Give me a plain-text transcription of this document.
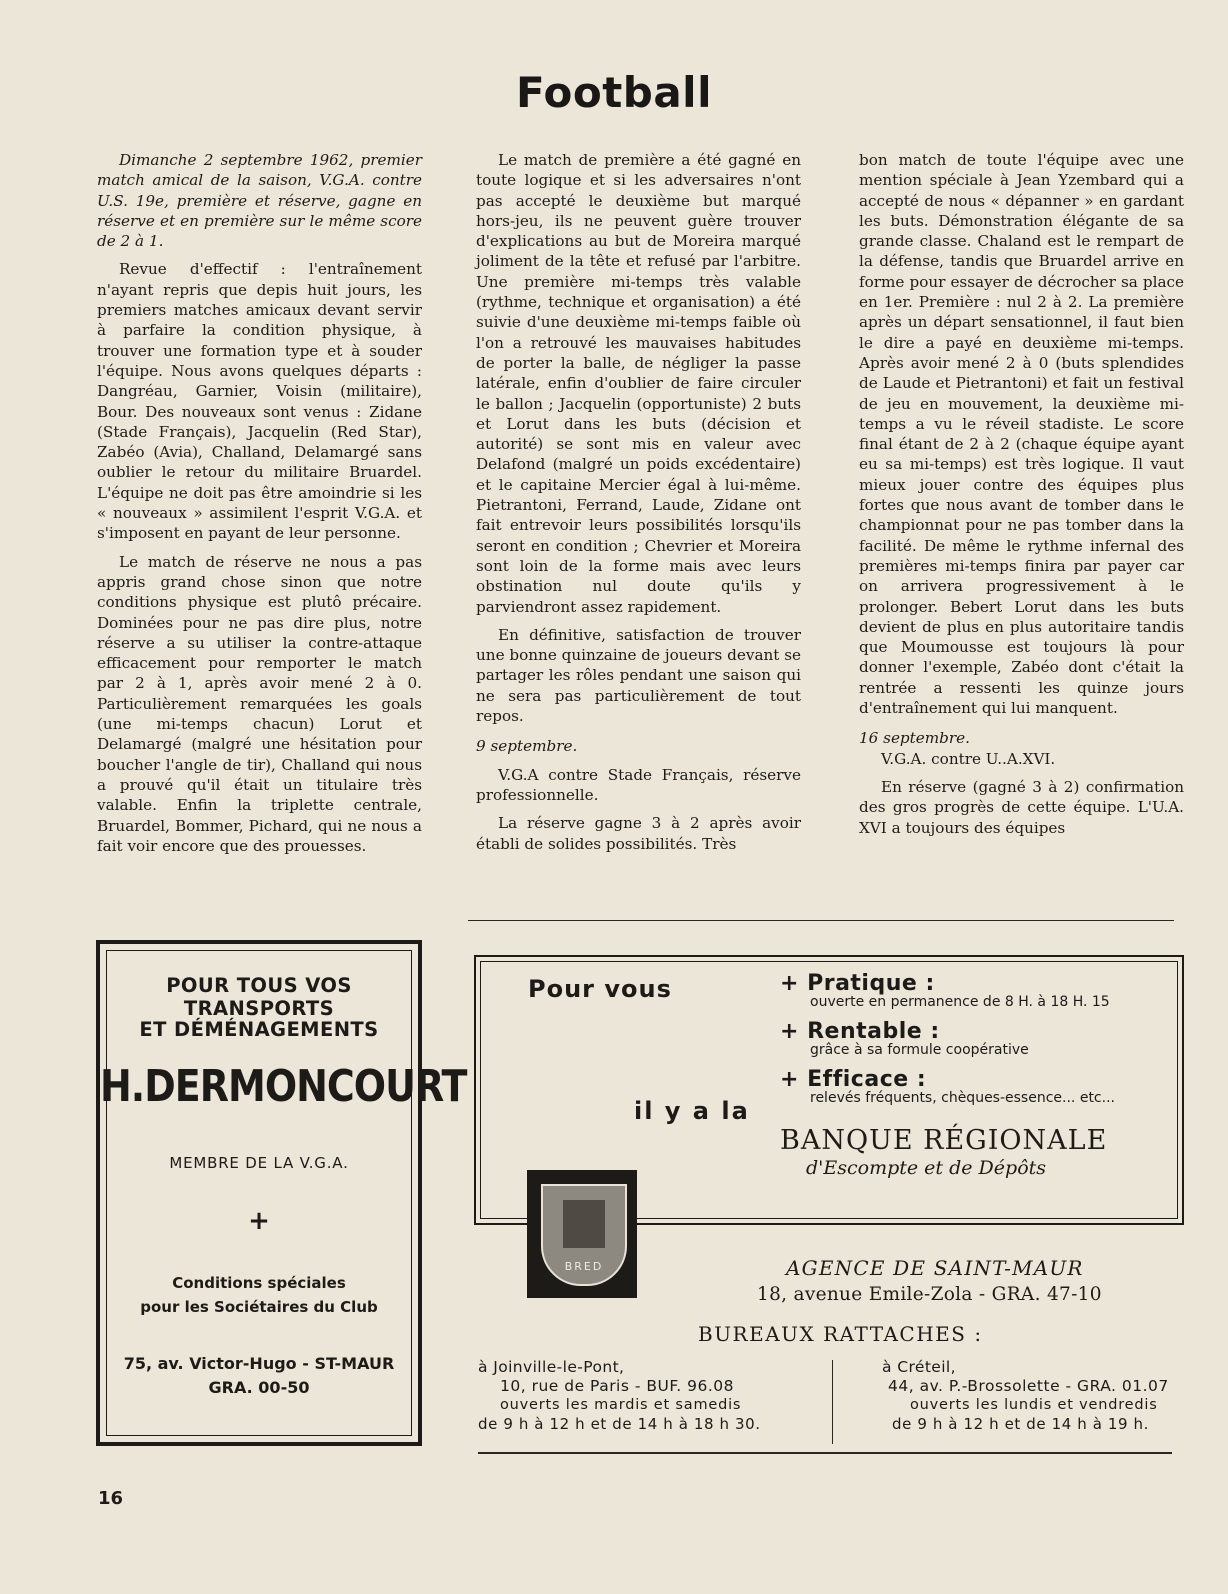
Football

Dimanche 2 septembre 1962, premier match amical de la saison, V.G.A. contre U.S. 19e, première et réserve, gagne en réserve et en première sur le même score de 2 à 1.

Revue d'effectif : l'entraînement n'ayant repris que depis huit jours, les premiers matches amicaux devant servir à parfaire la condition physique, à trouver une formation type et à souder l'équipe. Nous avons quelques départs : Dangréau, Garnier, Voisin (militaire), Bour. Des nouveaux sont venus : Zidane (Stade Français), Jacquelin (Red Star), Zabéo (Avia), Challand, Delamargé sans oublier le retour du militaire Bruardel. L'équipe ne doit pas être amoindrie si les « nouveaux » assimilent l'esprit V.G.A. et s'imposent en payant de leur personne.

Le match de réserve ne nous a pas appris grand chose sinon que notre conditions physique est plutô précaire. Dominées pour ne pas dire plus, notre réserve a su utiliser la contre-attaque efficacement pour remporter le match par 2 à 1, après avoir mené 2 à 0. Particulièrement remarquées les goals (une mi-temps chacun) Lorut et Delamargé (malgré une hésitation pour boucher l'angle de tir), Challand qui nous a prouvé qu'il était un titulaire très valable. Enfin la triplette centrale, Bruardel, Bommer, Pichard, qui ne nous a fait voir encore que des prouesses.

Le match de première a été gagné en toute logique et si les adversaires n'ont pas accepté le deuxième but marqué hors-jeu, ils ne peuvent guère trouver d'explications au but de Moreira marqué joliment de la tête et refusé par l'arbitre. Une première mi-temps très valable (rythme, technique et organisation) a été suivie d'une deuxième mi-temps faible où l'on a retrouvé les mauvaises habitudes de porter la balle, de négliger la passe latérale, enfin d'oublier de faire circuler le ballon ; Jacquelin (opportuniste) 2 buts et Lorut dans les buts (décision et autorité) se sont mis en valeur avec Delafond (malgré un poids excédentaire) et le capitaine Mercier égal à lui-même. Pietrantoni, Ferrand, Laude, Zidane ont fait entrevoir leurs possibilités lorsqu'ils seront en condition ; Chevrier et Moreira sont loin de la forme mais avec leurs obstination nul doute qu'ils y parviendront assez rapidement.

En définitive, satisfaction de trouver une bonne quinzaine de joueurs devant se partager les rôles pendant une saison qui ne sera pas particulièrement de tout repos.

9 septembre.

V.G.A contre Stade Français, réserve professionnelle.

La réserve gagne 3 à 2 après avoir établi de solides possibilités. Très

bon match de toute l'équipe avec une mention spéciale à Jean Yzembard qui a accepté de nous « dépanner » en gardant les buts. Démonstration élégante de sa grande classe. Chaland est le rempart de la défense, tandis que Bruardel arrive en forme pour essayer de décrocher sa place en 1er. Première : nul 2 à 2. La première après un départ sensationnel, il faut bien le dire a payé en deuxième mi-temps. Après avoir mené 2 à 0 (buts splendides de Laude et Pietrantoni) et fait un festival de jeu en mouvement, la deuxième mi-temps a vu le réveil stadiste. Le score final étant de 2 à 2 (chaque équipe ayant eu sa mi-temps) est très logique. Il vaut mieux jouer contre des équipes plus fortes que nous avant de tomber dans le championnat pour ne pas tomber dans la facilité. De même le rythme infernal des premières mi-temps finira par payer car on arrivera progressivement à le prolonger. Bebert Lorut dans les buts devient de plus en plus autoritaire tandis que Moumousse est toujours là pour donner l'exemple, Zabéo dont c'était la rentrée a ressenti les quinze jours d'entraînement qui lui manquent.

16 septembre.

V.G.A. contre U..A.XVI.

En réserve (gagné 3 à 2) confirmation des gros progrès de cette équipe. L'U.A. XVI a toujours des équipes

POUR TOUS VOS TRANSPORTS
ET DÉMÉNAGEMENTS
H.DERMONCOURT
MEMBRE DE LA V.G.A.
+
Conditions spéciales
pour les Sociétaires du Club
75, av. Victor-Hugo - ST-MAUR
GRA. 00-50
Pour vous
il y a la
+ Pratique :
ouverte en permanence de 8 H. à 18 H. 15
+ Rentable :
grâce à sa formule coopérative
+ Efficace :
relevés fréquents, chèques-essence... etc...
BANQUE RÉGIONALE
d'Escompte et de Dépôts
BRED	AGENCE DE SAINT-MAUR
18, avenue Emile-Zola - GRA. 47-10
BUREAUX RATTACHES :
à Joinville-le-Pont,
10, rue de Paris - BUF. 96.08
ouverts les mardis et samedis
de 9 h à 12 h et de 14 h à 18 h 30.
à Créteil,
44, av. P.-Brossolette - GRA. 01.07
ouverts les lundis et vendredis
de 9 h à 12 h et de 14 h à 19 h.
16
